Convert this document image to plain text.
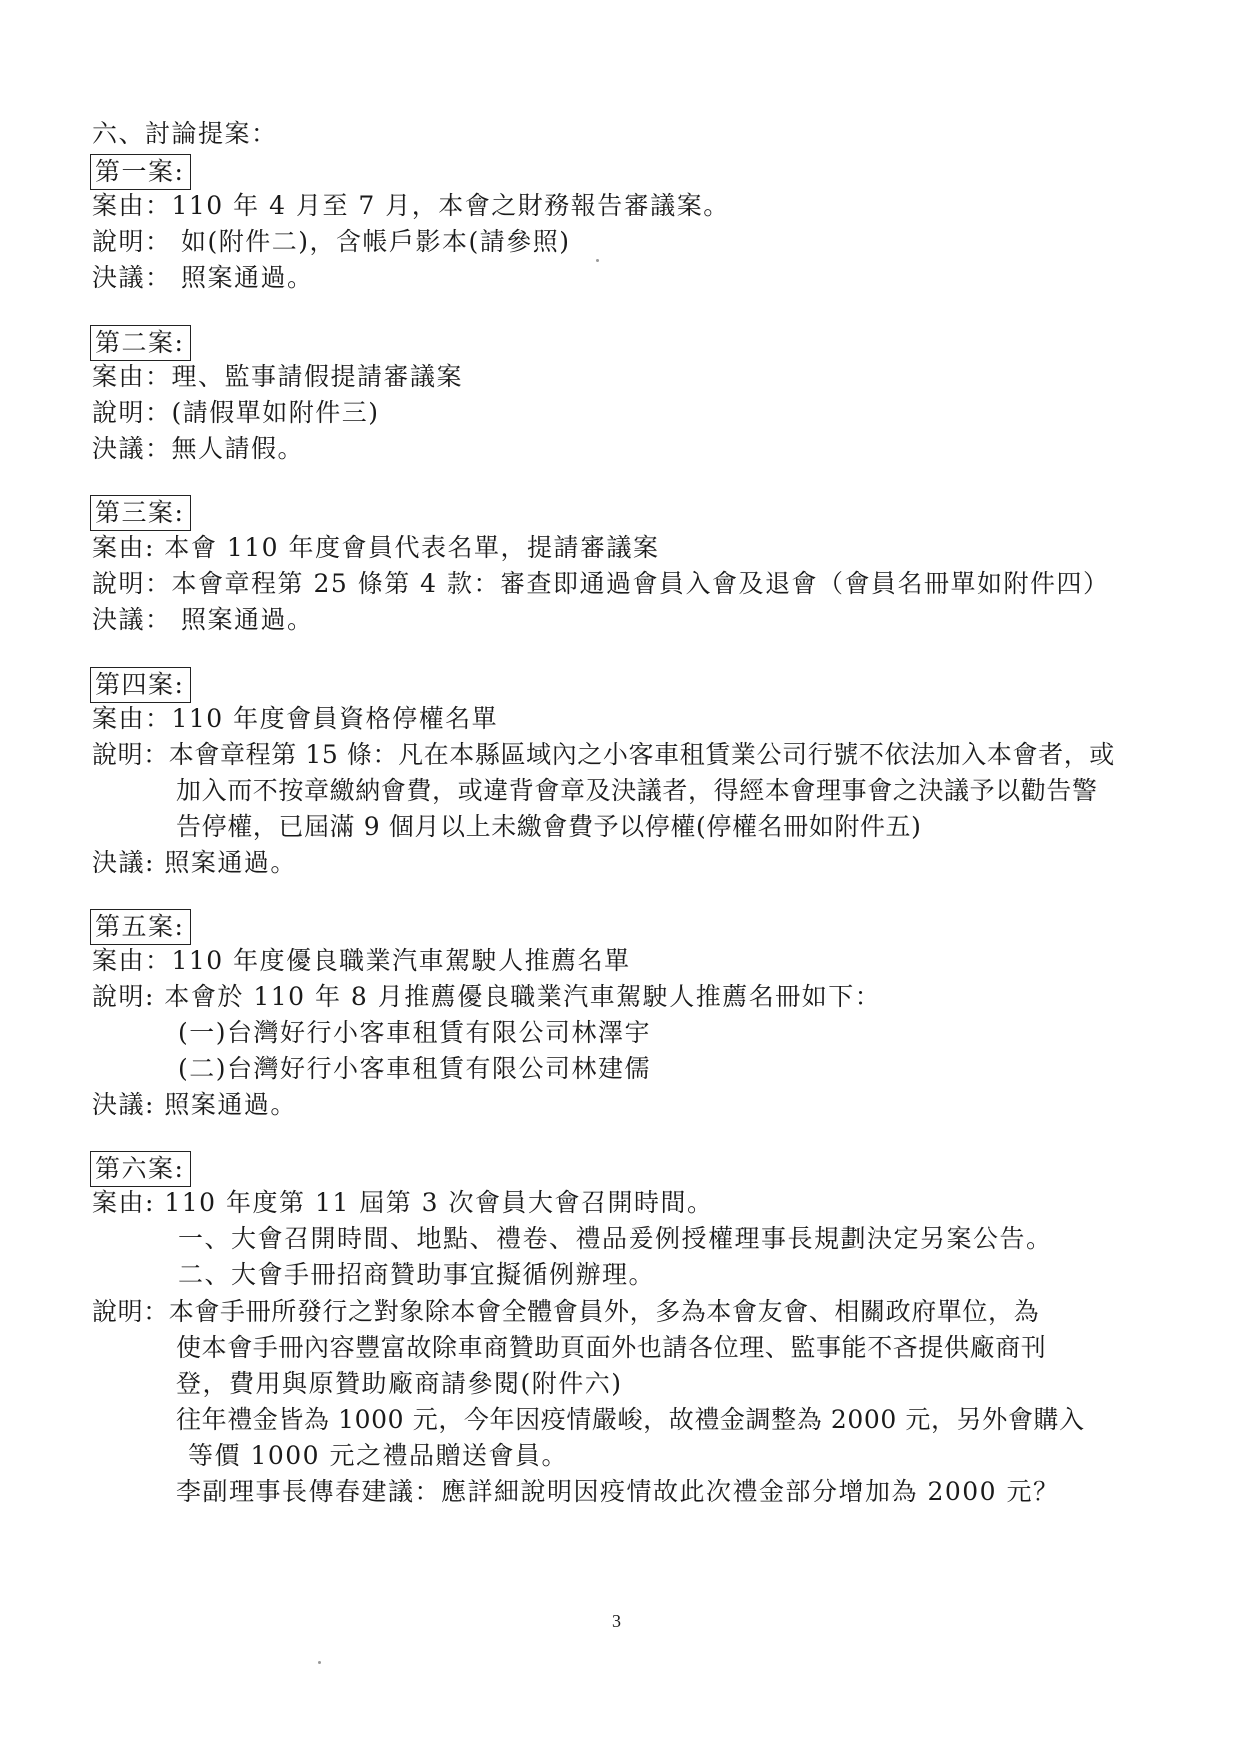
六、討論提案：
第一案:
案由：110 年 4 月至 7 月，本會之財務報告審議案。
說明： 如(附件二)，含帳戶影本(請參照)
決議： 照案通過。
第二案:
案由：理、監事請假提請審議案
說明：(請假單如附件三)
決議：無人請假。
第三案:
案由: 本會 110 年度會員代表名單，提請審議案
說明：本會章程第 25 條第 4 款：審查即通過會員入會及退會（會員名冊單如附件四）
決議： 照案通過。
第四案:
案由：110 年度會員資格停權名單
說明：本會章程第 15 條：凡在本縣區域內之小客車租賃業公司行號不依法加入本會者，或
加入而不按章繳納會費，或違背會章及決議者，得經本會理事會之決議予以勸告警
告停權，已屆滿 9 個月以上未繳會費予以停權(停權名冊如附件五)
決議: 照案通過。
第五案:
案由：110 年度優良職業汽車駕駛人推薦名單
說明: 本會於 110 年 8 月推薦優良職業汽車駕駛人推薦名冊如下：
(一)台灣好行小客車租賃有限公司林澤宇
(二)台灣好行小客車租賃有限公司林建儒
決議: 照案通過。
第六案:
案由: 110 年度第 11 屆第 3 次會員大會召開時間。
一、大會召開時間、地點、禮卷、禮品爰例授權理事長規劃決定另案公告。
二、大會手冊招商贊助事宜擬循例辦理。
說明：本會手冊所發行之對象除本會全體會員外，多為本會友會、相關政府單位，為
使本會手冊內容豐富故除車商贊助頁面外也請各位理、監事能不吝提供廠商刊
登，費用與原贊助廠商請參閱(附件六)
往年禮金皆為 1000 元，今年因疫情嚴峻，故禮金調整為 2000 元，另外會購入
等價 1000 元之禮品贈送會員。
李副理事長傳春建議：應詳細說明因疫情故此次禮金部分增加為 2000 元？
3
